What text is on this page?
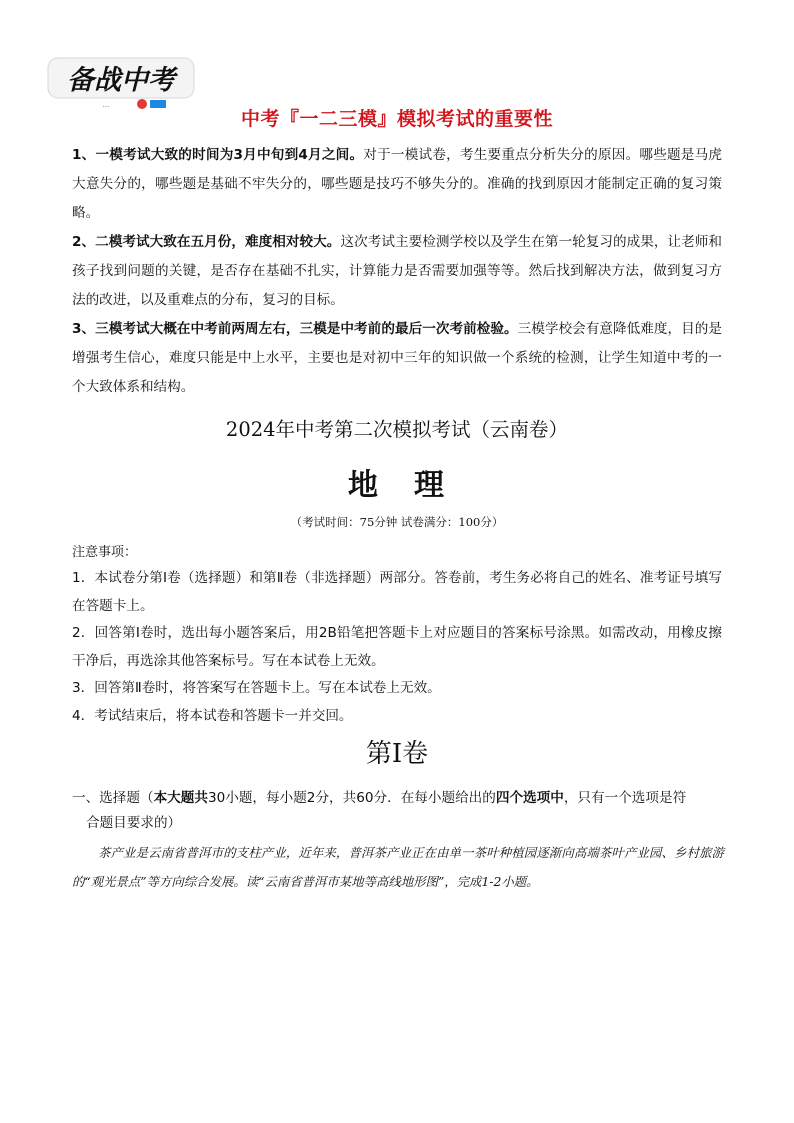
备战中考
···
中考『一二三模』模拟考试的重要性
1、一模考试大致的时间为3月中旬到4月之间。对于一模试卷，考生要重点分析失分的原因。哪些题是马虎大意失分的，哪些题是基础不牢失分的，哪些题是技巧不够失分的。准确的找到原因才能制定正确的复习策略。
2、二模考试大致在五月份，难度相对较大。这次考试主要检测学校以及学生在第一轮复习的成果，让老师和孩子找到问题的关键，是否存在基础不扎实，计算能力是否需要加强等等。然后找到解决方法，做到复习方法的改进，以及重难点的分布，复习的目标。
3、三模考试大概在中考前两周左右，三模是中考前的最后一次考前检验。三模学校会有意降低难度，目的是增强考生信心，难度只能是中上水平，主要也是对初中三年的知识做一个系统的检测，让学生知道中考的一个大致体系和结构。
2024年中考第二次模拟考试（云南卷）
地 理
（考试时间：75分钟 试卷满分：100分）
注意事项：

1．本试卷分第Ⅰ卷（选择题）和第Ⅱ卷（非选择题）两部分。答卷前，考生务必将自己的姓名、准考证号填写在答题卡上。

2．回答第Ⅰ卷时，选出每小题答案后，用2B铅笔把答题卡上对应题目的答案标号涂黑。如需改动，用橡皮擦干净后，再选涂其他答案标号。写在本试卷上无效。

3．回答第Ⅱ卷时，将答案写在答题卡上。写在本试卷上无效。

4．考试结束后，将本试卷和答题卡一并交回。

第Ⅰ卷
一、选择题（本大题共30小题，每小题2分，共60分．在每小题给出的四个选项中，只有一个选项是符
合题目要求的）
茶产业是云南省普洱市的支柱产业，近年来，普洱茶产业正在由单一茶叶种植园逐渐向高端茶叶产业园、乡村旅游的“观光景点”等方向综合发展。读“云南省普洱市某地等高线地形图”，完成1-2小题。
